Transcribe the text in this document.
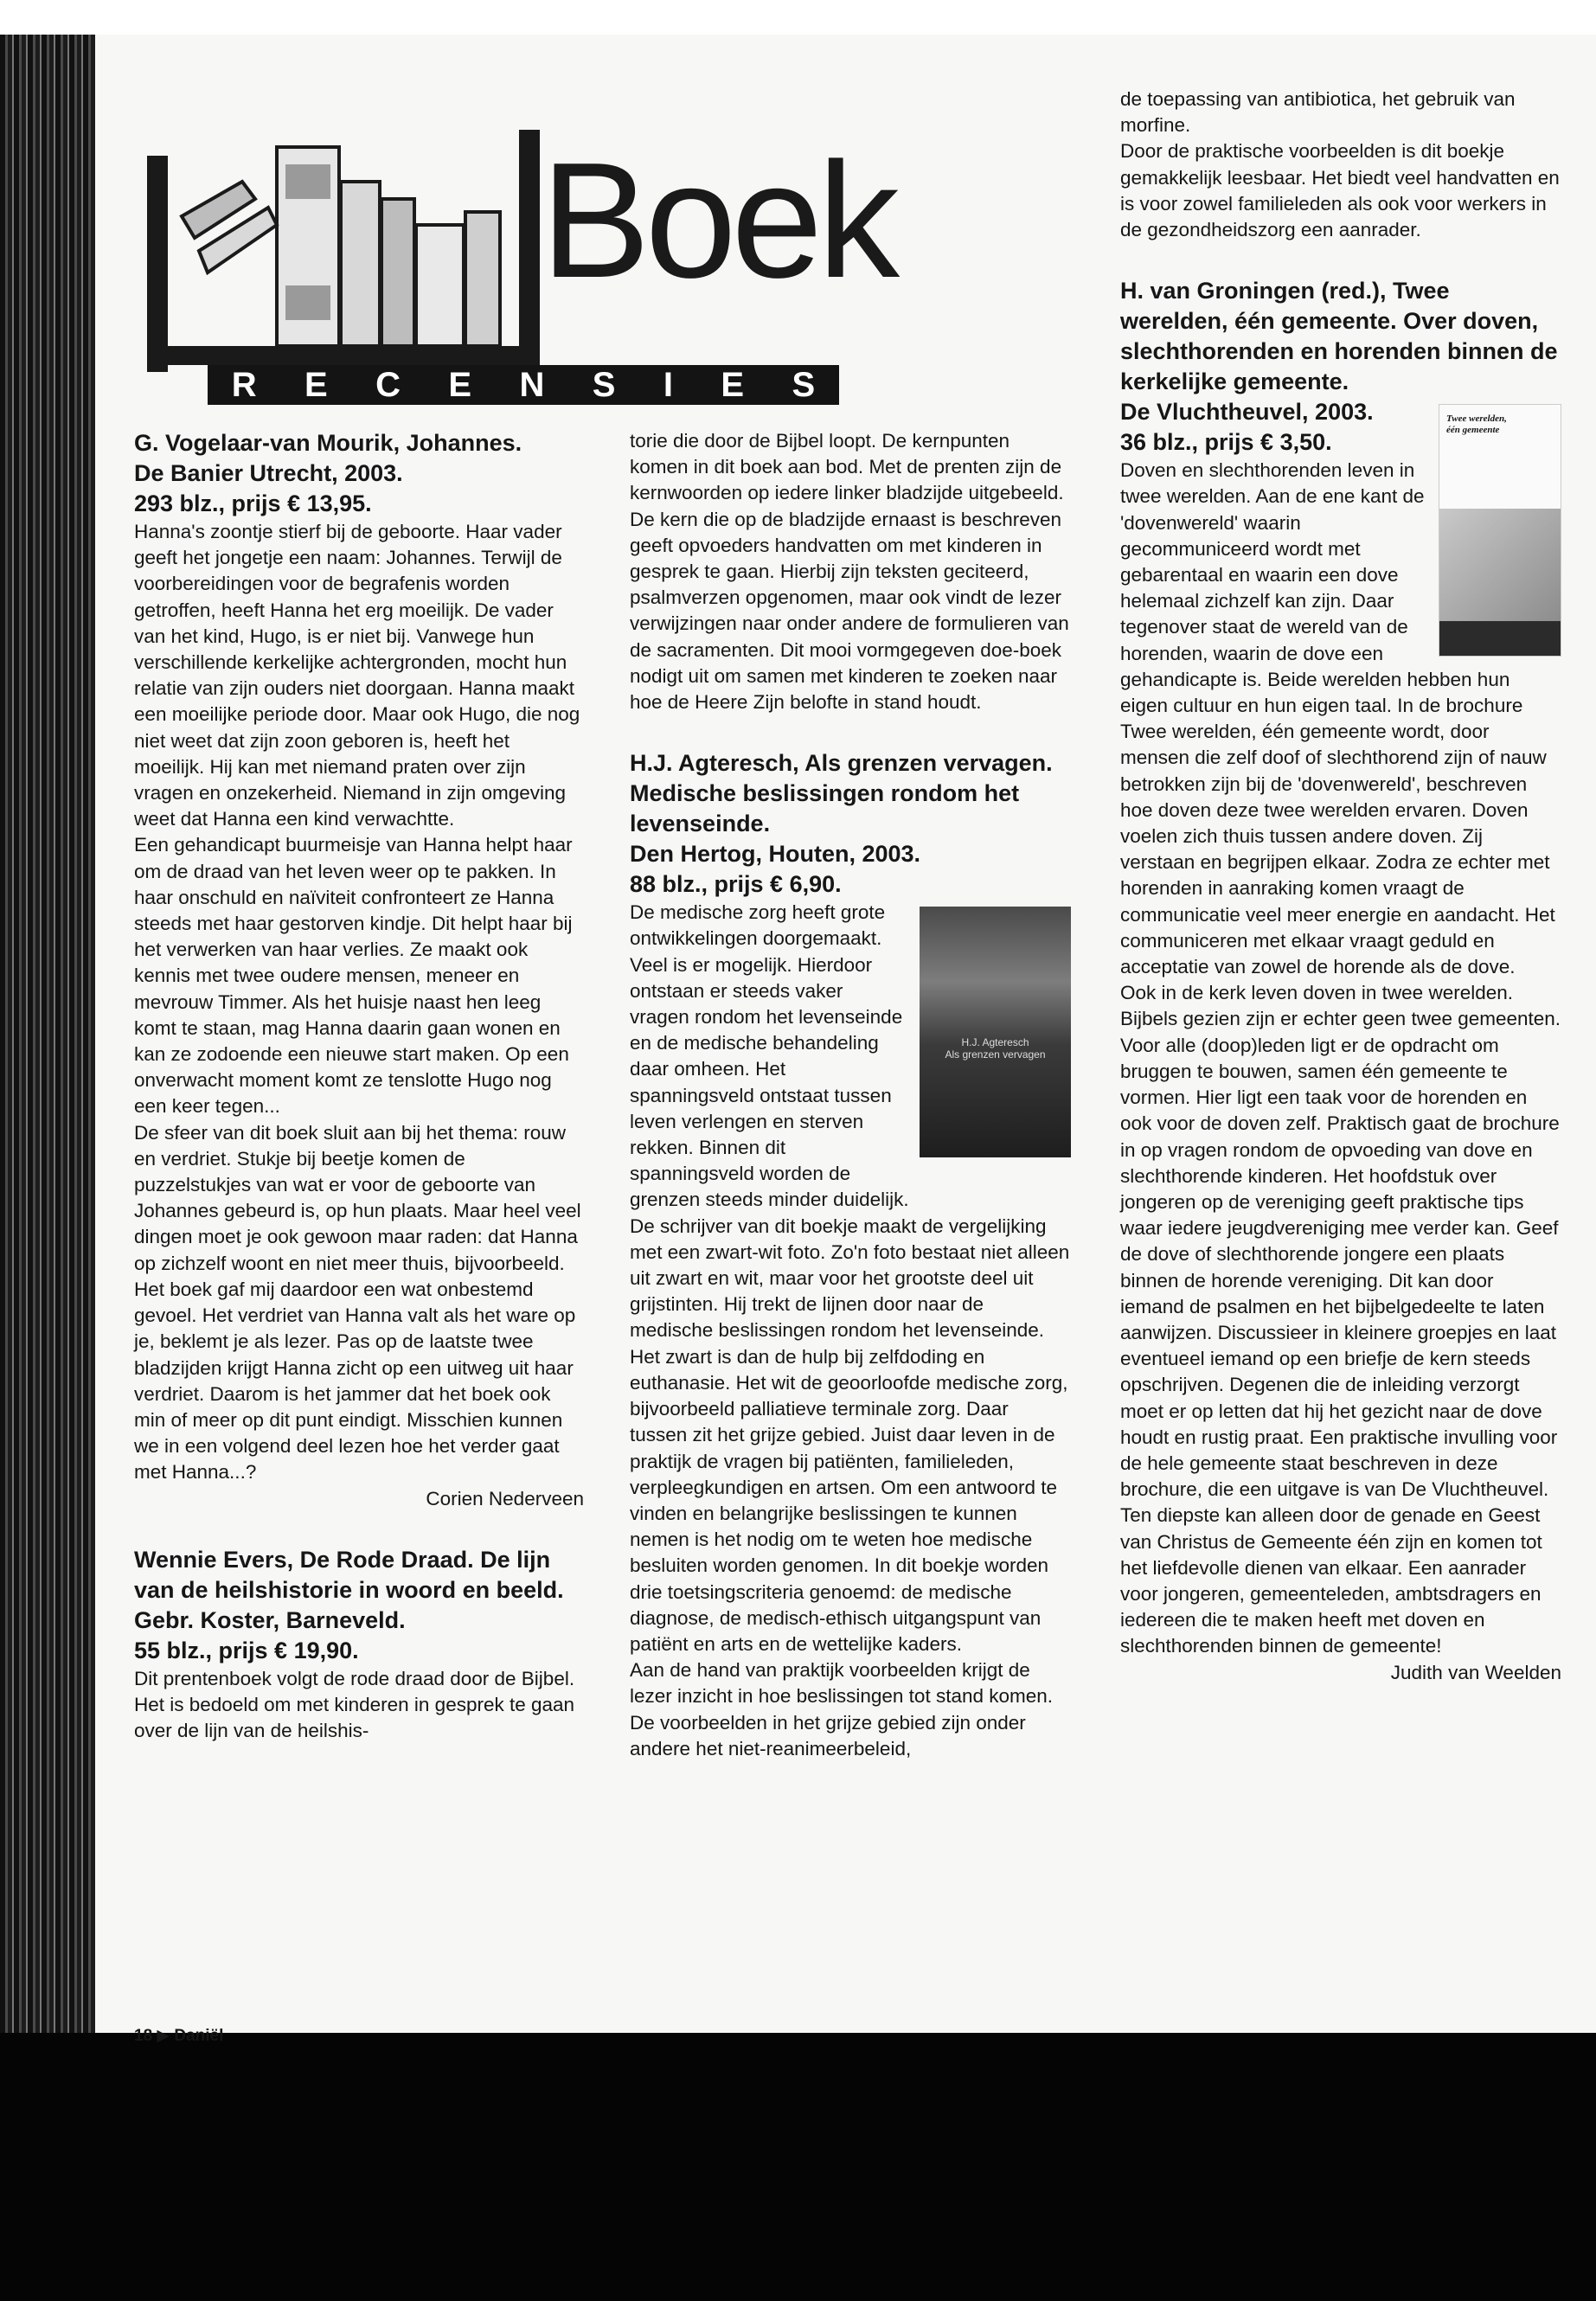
Boek
R E C E N S I E S

G. Vogelaar-van Mourik, Johannes.

De Banier Utrecht, 2003.

293 blz., prijs € 13,95.

Hanna's zoontje stierf bij de geboorte. Haar vader geeft het jongetje een naam: Johannes. Terwijl de voorbereidingen voor de begrafenis worden getroffen, heeft Hanna het erg moeilijk. De vader van het kind, Hugo, is er niet bij. Vanwege hun verschillende kerkelijke achtergronden, mocht hun relatie van zijn ouders niet doorgaan. Hanna maakt een moeilijke periode door. Maar ook Hugo, die nog niet weet dat zijn zoon geboren is, heeft het moeilijk. Hij kan met niemand praten over zijn vragen en onzekerheid. Niemand in zijn omgeving weet dat Hanna een kind verwachtte.

Een gehandicapt buurmeisje van Hanna helpt haar om de draad van het leven weer op te pakken. In haar onschuld en naïviteit confronteert ze Hanna steeds met haar gestorven kindje. Dit helpt haar bij het verwerken van haar verlies. Ze maakt ook kennis met twee oudere mensen, meneer en mevrouw Timmer. Als het huisje naast hen leeg komt te staan, mag Hanna daarin gaan wonen en kan ze zodoende een nieuwe start maken. Op een onverwacht moment komt ze tenslotte Hugo nog een keer tegen...

De sfeer van dit boek sluit aan bij het thema: rouw en verdriet. Stukje bij beetje komen de puzzelstukjes van wat er voor de geboorte van Johannes gebeurd is, op hun plaats. Maar heel veel dingen moet je ook gewoon maar raden: dat Hanna op zichzelf woont en niet meer thuis, bijvoorbeeld. Het boek gaf mij daardoor een wat onbestemd gevoel. Het verdriet van Hanna valt als het ware op je, beklemt je als lezer. Pas op de laatste twee bladzijden krijgt Hanna zicht op een uitweg uit haar verdriet. Daarom is het jammer dat het boek ook min of meer op dit punt eindigt. Misschien kunnen we in een volgend deel lezen hoe het verder gaat met Hanna...?

Corien Nederveen

Wennie Evers, De Rode Draad. De lijn

van de heilshistorie in woord en beeld.

Gebr. Koster, Barneveld.

55 blz., prijs € 19,90.

Dit prentenboek volgt de rode draad door de Bijbel. Het is bedoeld om met kinderen in gesprek te gaan over de lijn van de heilshis-

torie die door de Bijbel loopt. De kernpunten komen in dit boek aan bod. Met de prenten zijn de kernwoorden op iedere linker bladzijde uitgebeeld. De kern die op de bladzijde ernaast is beschreven geeft opvoeders handvatten om met kinderen in gesprek te gaan. Hierbij zijn teksten geciteerd, psalmverzen opgenomen, maar ook vindt de lezer verwijzingen naar onder andere de formulieren van de sacramenten. Dit mooi vormgegeven doe-boek nodigt uit om samen met kinderen te zoeken naar hoe de Heere Zijn belofte in stand houdt.

H.J. Agteresch, Als grenzen vervagen.

Medische beslissingen rondom het

levenseinde.

Den Hertog, Houten, 2003.

88 blz., prijs € 6,90.

H.J. Agteresch
Als grenzen vervagen

De medische zorg heeft grote ontwikkelingen doorgemaakt. Veel is er mogelijk. Hierdoor ontstaan er steeds vaker vragen rondom het levenseinde en de medische behandeling daar omheen. Het spanningsveld ontstaat tussen leven verlengen en sterven rekken. Binnen dit spanningsveld worden de grenzen steeds minder duidelijk.

De schrijver van dit boekje maakt de vergelijking met een zwart-wit foto. Zo'n foto bestaat niet alleen uit zwart en wit, maar voor het grootste deel uit grijstinten. Hij trekt de lijnen door naar de medische beslissingen rondom het levenseinde. Het zwart is dan de hulp bij zelfdoding en euthanasie. Het wit de geoorloofde medische zorg, bijvoorbeeld palliatieve terminale zorg. Daar tussen zit het grijze gebied. Juist daar leven in de praktijk de vragen bij patiënten, familieleden, verpleegkundigen en artsen. Om een antwoord te vinden en belangrijke beslissingen te kunnen nemen is het nodig om te weten hoe medische besluiten worden genomen. In dit boekje worden drie toetsingscriteria genoemd: de medische diagnose, de medisch-ethisch uitgangspunt van patiënt en arts en de wettelijke kaders.

Aan de hand van praktijk voorbeelden krijgt de lezer inzicht in hoe beslissingen tot stand komen. De voorbeelden in het grijze gebied zijn onder andere het niet-reanimeerbeleid,

de toepassing van antibiotica, het gebruik van morfine.

Door de praktische voorbeelden is dit boekje gemakkelijk leesbaar. Het biedt veel handvatten en is voor zowel familieleden als ook voor werkers in de gezondheidszorg een aanrader.

H. van Groningen (red.), Twee werelden, één gemeente. Over doven, slechthorenden en horenden binnen de kerkelijke gemeente.

Twee werelden,
één gemeente

De Vluchtheuvel, 2003.

36 blz., prijs € 3,50.

Doven en slechthorenden leven in twee werelden. Aan de ene kant de 'dovenwereld' waarin gecommuniceerd wordt met gebarentaal en waarin een dove helemaal zichzelf kan zijn. Daar tegenover staat de wereld van de horenden, waarin de dove een gehandicapte is. Beide werelden hebben hun eigen cultuur en hun eigen taal. In de brochure Twee werelden, één gemeente wordt, door mensen die zelf doof of slechthorend zijn of nauw betrokken zijn bij de 'dovenwereld', beschreven hoe doven deze twee werelden ervaren. Doven voelen zich thuis tussen andere doven. Zij verstaan en begrijpen elkaar. Zodra ze echter met horenden in aanraking komen vraagt de communicatie veel meer energie en aandacht. Het communiceren met elkaar vraagt geduld en acceptatie van zowel de horende als de dove.

Ook in de kerk leven doven in twee werelden. Bijbels gezien zijn er echter geen twee gemeenten. Voor alle (doop)leden ligt er de opdracht om bruggen te bouwen, samen één gemeente te vormen. Hier ligt een taak voor de horenden en ook voor de doven zelf. Praktisch gaat de brochure in op vragen rondom de opvoeding van dove en slechthorende kinderen. Het hoofdstuk over jongeren op de vereniging geeft praktische tips waar iedere jeugdvereniging mee verder kan. Geef de dove of slechthorende jongere een plaats binnen de horende vereniging. Dit kan door iemand de psalmen en het bijbelgedeelte te laten aanwijzen. Discussieer in kleinere groepjes en laat eventueel iemand op een briefje de kern steeds opschrijven. Degenen die de inleiding verzorgt moet er op letten dat hij het gezicht naar de dove houdt en rustig praat. Een praktische invulling voor de hele gemeente staat beschreven in deze brochure, die een uitgave is van De Vluchtheuvel. Ten diepste kan alleen door de genade en Geest van Christus de Gemeente één zijn en komen tot het liefdevolle dienen van elkaar. Een aanrader voor jongeren, gemeenteleden, ambtsdragers en iedereen die te maken heeft met doven en slechthorenden binnen de gemeente!

Judith van Weelden

18 ▶ Daniël
